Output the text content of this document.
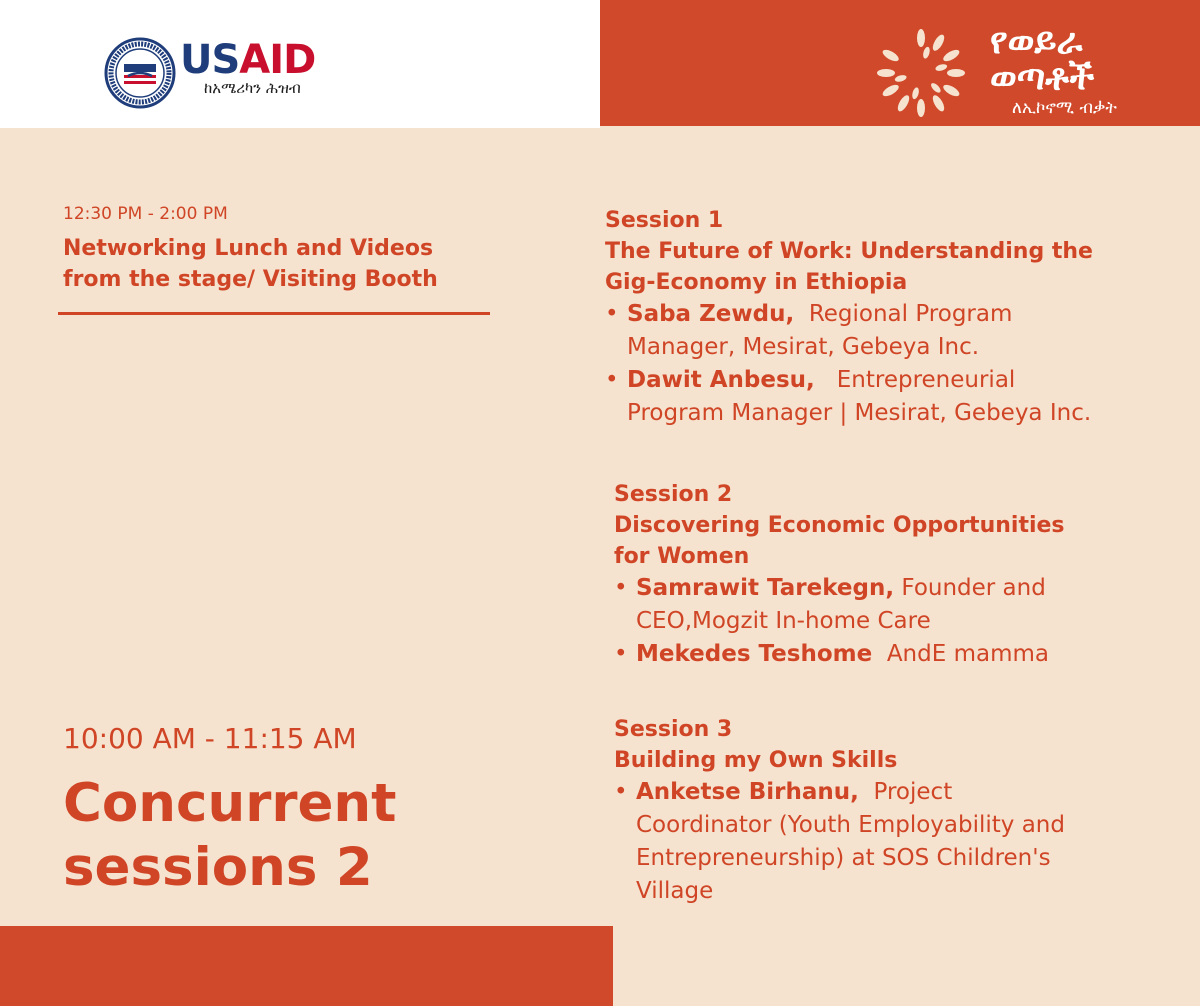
USAID
ከአሜሪካን ሕዝብ
የወይራ
ወጣቶች
ለኢኮኖሚ ብቃት
12:30 PM - 2:00 PM
Networking Lunch and Videos
from the stage/ Visiting Booth
10:00 AM - 11:15 AM
Concurrent
sessions 2
Session 1
The Future of Work: Understanding the
Gig-Economy in Ethiopia
• Saba Zewdu, Regional Program
Manager, Mesirat, Gebeya Inc.
• Dawit Anbesu, Entrepreneurial
Program Manager | Mesirat, Gebeya Inc.
Session 2
Discovering Economic Opportunities
for Women
• Samrawit Tarekegn, Founder and
CEO,Mogzit In-home Care
• Mekedes Teshome AndE mamma
Session 3
Building my Own Skills
• Anketse Birhanu, Project
Coordinator (Youth Employability and
Entrepreneurship) at SOS Children's
Village
